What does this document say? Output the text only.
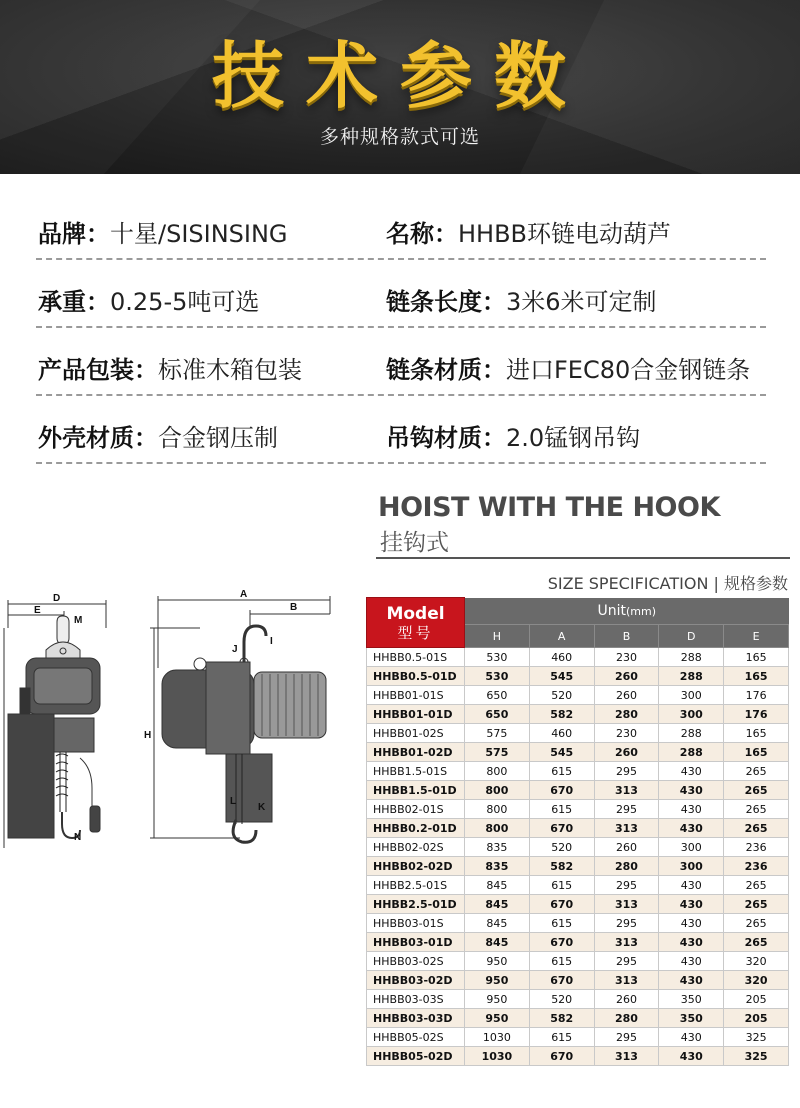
技术参数
多种规格款式可选
品牌：十星/SISINSING	名称：HHBB环链电动葫芦
承重：0.25-5吨可选	链条长度：3米6米可定制
产品包装：标准木箱包装	链条材质：进口FEC80合金钢链条
外壳材质：合金钢压制	吊钩材质：2.0锰钢吊钩
HOIST WITH THE HOOK
挂钩式
SIZE SPECIFICATION | 规格参数
D
E
M
N
A
B
H
J
I
L
K
Model
型号	Unit(mm)				
	H	A	B	D	E
HHBB0.5-01S	530	460	230	288	165
HHBB0.5-01D	530	545	260	288	165
HHBB01-01S	650	520	260	300	176
HHBB01-01D	650	582	280	300	176
HHBB01-02S	575	460	230	288	165
HHBB01-02D	575	545	260	288	165
HHBB1.5-01S	800	615	295	430	265
HHBB1.5-01D	800	670	313	430	265
HHBB02-01S	800	615	295	430	265
HHBB0.2-01D	800	670	313	430	265
HHBB02-02S	835	520	260	300	236
HHBB02-02D	835	582	280	300	236
HHBB2.5-01S	845	615	295	430	265
HHBB2.5-01D	845	670	313	430	265
HHBB03-01S	845	615	295	430	265
HHBB03-01D	845	670	313	430	265
HHBB03-02S	950	615	295	430	320
HHBB03-02D	950	670	313	430	320
HHBB03-03S	950	520	260	350	205
HHBB03-03D	950	582	280	350	205
HHBB05-02S	1030	615	295	430	325
HHBB05-02D	1030	670	313	430	325
